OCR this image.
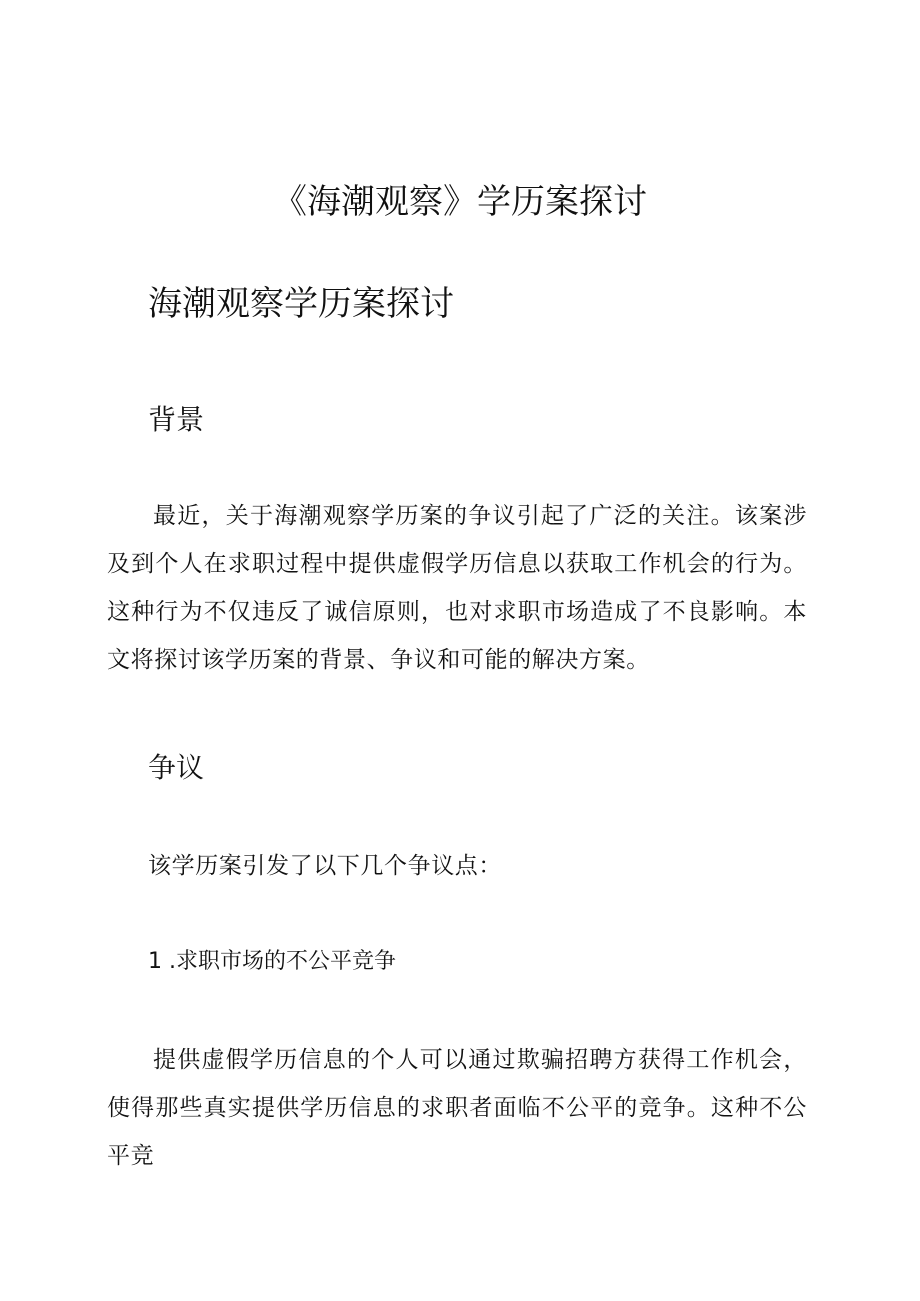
《海潮观察》学历案探讨
海潮观察学历案探讨
背景

最近，关于海潮观察学历案的争议引起了广泛的关注。该案涉及到个人在求职过程中提供虚假学历信息以获取工作机会的行为。这种行为不仅违反了诚信原则，也对求职市场造成了不良影响。本文将探讨该学历案的背景、争议和可能的解决方案。

争议

该学历案引发了以下几个争议点：

1 .求职市场的不公平竞争

提供虚假学历信息的个人可以通过欺骗招聘方获得工作机会，使得那些真实提供学历信息的求职者面临不公平的竞争。这种不公平竞
